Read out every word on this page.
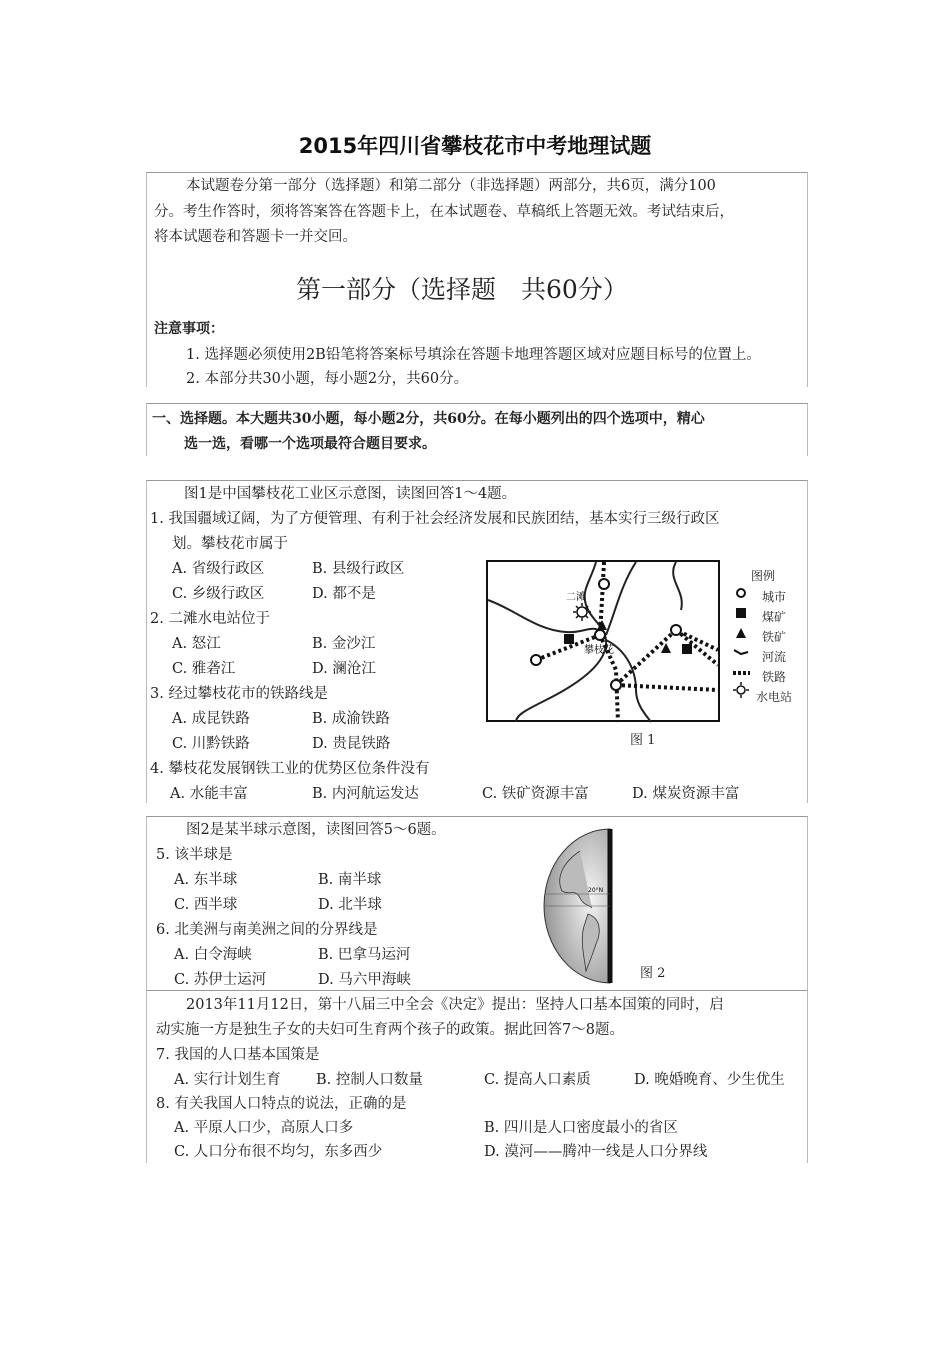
2015年四川省攀枝花市中考地理试题
本试题卷分第一部分（选择题）和第二部分（非选择题）两部分，共6页，满分100
分。考生作答时，须将答案答在答题卡上，在本试题卷、草稿纸上答题无效。考试结束后，
将本试题卷和答题卡一并交回。
第一部分（选择题　共60分）
注意事项：
1. 选择题必须使用2B铅笔将答案标号填涂在答题卡地理答题区域对应题目标号的位置上。
2. 本部分共30小题，每小题2分，共60分。
一、选择题。本大题共30小题，每小题2分，共60分。在每小题列出的四个选项中，精心
选一选，看哪一个选项最符合题目要求。
图1是中国攀枝花工业区示意图，读图回答1～4题。
1. 我国疆域辽阔，为了方便管理、有利于社会经济发展和民族团结，基本实行三级行政区
划。攀枝花市属于
A. 省级行政区	B. 县级行政区
C. 乡级行政区	D. 都不是
2. 二滩水电站位于
A. 怒江	B. 金沙江
C. 雅砻江	D. 澜沧江
3. 经过攀枝花市的铁路线是
A. 成昆铁路	B. 成渝铁路
C. 川黔铁路	D. 贵昆铁路
4. 攀枝花发展钢铁工业的优势区位条件没有
A. 水能丰富	B. 内河航运发达	C. 铁矿资源丰富	D. 煤炭资源丰富
二滩
攀枝花
图例
城市
煤矿
铁矿
河流
铁路
水电站
图 1
图2是某半球示意图，读图回答5～6题。
5. 该半球是
A. 东半球	B. 南半球
C. 西半球	D. 北半球
6. 北美洲与南美洲之间的分界线是
A. 白令海峡	B. 巴拿马运河
C. 苏伊士运河	D. 马六甲海峡
20°N
图 2
2013年11月12日，第十八届三中全会《决定》提出：坚持人口基本国策的同时，启
动实施一方是独生子女的夫妇可生育两个孩子的政策。据此回答7～8题。
7. 我国的人口基本国策是
A. 实行计划生育 B. 控制人口数量	C. 提高人口素质	D. 晚婚晚育、少生优生
8. 有关我国人口特点的说法，正确的是
A. 平原人口少，高原人口多	B. 四川是人口密度最小的省区
C. 人口分布很不均匀，东多西少	D. 漠河——腾冲一线是人口分界线
